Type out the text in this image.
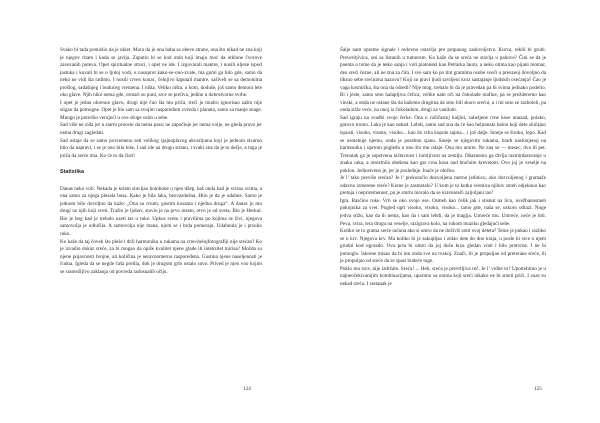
Svako bi tada pomislio da je uklet. Mora da je ona baba sa obeve strane, ona što nikad ne zna koji je njegov ritam i kada se javlja. Zaputio bi se kod onih koji imaju moć da otklone čvorove zavezanih puteva. Opet spiritualne struci, i opet ne ide. I izgovarali mantre, i nosili uljeze ispod jastuka i kuvali bi se u ljutoj vodi, u nasuprot kako-se-ono-zvale, ma gumi ga bilo gde, samo da neko ne vidi šta radimo. I nosili crven konac, čelnjivo šaputali mantre, sašiveli se sa demonima prošlog, sadašnjeg i budućeg vremena. I ništa. Veliko ništa, u kom, doduše, još samo demoni lete oko glave. Njih niko nema gde, ormari su puni, srce se preliva, jedino u dobrotvorne svrhe.

I opet je jedan okrenuo glavu, drugi nije čuo šta mu priča, treći je mudro ignorisao zašto nije stigao da pomogne. Opet je bio sam sa svojim rasporedom zvezda i planeta, samo sa manje snage. Mnogo je potrošio verujući u ove druge osim u sebe.

Sad više ne zida jer u startu proceni da nema para; ne započinje jer nema volje, ne gleda pravo jer nema drugi zagledati.

Sad ostaje da se samo povremeno seti velikog sjajnoplavog akvarijuma koji je jednom stvarno htio da napravi, i se je ono bila loše. I sad ide na drugu stranu, i svaki zna da je to dečje, a tuga je priča da sreće ima. Ko će to da čisti!

Statistika

Danas neko voli. Nekada je kriem stavljao bombone u njen džep, baš onda kad je svirao svima, a ona samo za njega plesala bosa. Kako je bila laka, bezvazdušna. Htio je da je udahne. Samo je jednom bilo dovoljno da kaže: „Ona sa crnim, gustim kosama i njedna druga“. A danas ju mu drugi uz njih koji sveti. Tražio je ljubav, stavio je na prvo mesto, otvo je od sveta. Bio je Herkul. Bio je bog kad je trebalo uzeti tas u ruke. Upkos svetu i pravilima po kojima se živi, njegova samovolja je odlučila. A samovolja nije mana, njom se i brda pomeraju. Udahnula je i prsulio ruku.

Ko kaže da taj čovek što pleše i drži harmoniku u rukama na crno-belojfotografiji nije srećan? Ko je izvadio dokaz srećе, za bi mogao da opiše kvalitet njene glade ili intenzitet mirisa? Možda su njene pojavnosti brojne, ali količina je neravnomerno raspoređena. Gustina njene naseljenosti je čudna. Igleda da se negde čaša prelila, dok je drugom grlo ostalo suvo. Prived je njen voo kojim se sramežljivo zaklanja od povreda radosnalih očiju.

124

Šalje nam opreme signale i redovno ostavlja pre potpunog zadovoljstva. Kurva, reklii bi grubi. Preveritjivica, oni sa listanih u tumorom. Ko kaže da se sreća ne stavlja u pahove? Čini se da je poenta u tome da je neko sanja i voli platonski kao Petrarka lauru, a neko otima kao pijani momar, deo sreći čezne, ali ne zna za čim. I sve sam ko po tim gramima osobe sveči u preuzeoj dovoljno da liksno sebe srećnima nazovu? Koji su pravi ljudi saviljeni kroz sastajanje ljudskih osećanja? Ćao je vaga kosmička, šta ona da odredi? Nije mog. trebalo bi da je pravedan pa bi svima jednako podelio. Bi i jeste, samo smo halapljiva ćelica, velike nam oči na čokolade mafine, pa se prežderemo kao vinski, a onda ne ostane šta da kažemo drugima da smo bili skoro srećni, a i mi smo se razboleli, pa onda stiže veće, na onoj iz čokoladom, drugi za vanilom.

Sad igraju na svadbi svoje čerke. Ona u ružičastoj haljini, zabeljene crne kose unazad, polako, gotovo tromo. Laka je kao nekad. Lebdi, samo sad zna da će kao heljumski balon koji dete slučajno ispusti, visoko, visoko, visoko... kao do vrha kupole sajma... i još dalje. Smeje se široko, lepo. Kad se osmehuje njemu, onda je posebno sjano. Smeje se njegovim rukama, bradi naslonjenoj na harmoniku i uprtom pogledu u ono što mu odaje. Ona mu umire. Ne zna se — mesec, dva ili pet. Trenutak ga je sopstvena ništavnost i lomljivost na zemlju. Obaznenio ga divlja razmirdaravanje u znaku raka, a otrezmila obešena kao gar crna kosa nad bračnim krevetom. Ovo joj je veselje na poklon. Jedinstveno je, jer je poslednje. Inače je obično.

Je l’ tako previše srećan? Je l’ prekoračio dozvoljenu mernu jedinicu, oko dozvoljenog i gramaže odavno izmerene sreće? Kome je zasmetalo? U kom je to kutku svemira njihov smeh odjeknuo kao pretnja i nepriremenost, pa je smrtu moralo da se uravnoteži zaljuljani tas?

Igra. Rasčino ruke. Vrti se oko svoje ose. Osmeh kao čelik jak i stisnut na licu, uvežbanosmeh pokojnika za svet. Pogled uprt visoko, visoko, visoko... tamo gde, naša se, uskoro odlazi. Noge jedva stižu, kao da ih nema, kao da i sam lebdi, da je magija. Umreće mu. Umreće, neće je biti. Peva, svira, tera drugu na veselje, razigrava kolo, na rukom muziku gledajući sebe.

Koliko se to grama sreće računa ako si umro da ne doživiš smrt svoj deteta? Teme je pukao i razliko se u krv. Njegova krv. Ma koliko bi je sakupljao i zidao dete do dno kraja, u posle bi srce u njem grudni kod ugorado. Ova pcta bi umro da joj dušu kroz gledan vrati i bilo protvrne. I ne bi pomoglo. Iskrene misao da bi mu onda sve na tvakoj. Znači, ili je propuljao od preterane sreće, ili je propuljao od sreće da se spasi budeće tuge.

Puklo mu srce, nije izdržalo. Sreća! ... Heh, sreća je prevrtljiva reč. Je l’ vidite to? Upotrebimo je u najneočekivanijim kombinacijama, uparimo sa onima koji sreći nikako ne bi smeli prići. I suze su nekad sreća. I rastanak je

125
